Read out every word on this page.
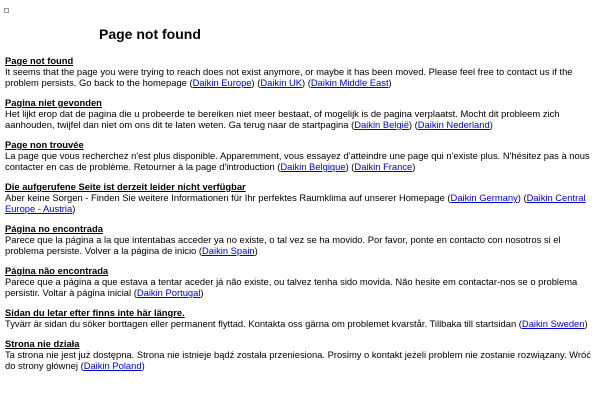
Page not found
Page not found

It seems that the page you were trying to reach does not exist anymore, or maybe it has been moved. Please feel free to contact us if the problem persists. Go back to the homepage (Daikin Europe) (Daikin UK) (Daikin Middle East)

Pagina niet gevonden

Het lijkt erop dat de pagina die u probeerde te bereiken niet meer bestaat, of mogelijk is de pagina verplaatst. Mocht dit probleem zich aanhouden, twijfel dan niet om ons dit te laten weten. Ga terug naar de startpagina (Daikin België) (Daikin Nederland)

Page non trouvée

La page que vous recherchez n'est plus disponible. Apparemment, vous essayez d'atteindre une page qui n'existe plus. N'hésitez pas à nous contacter en cas de problème. Retourner à la page d'introduction (Daikin Belgique) (Daikin France)

Die aufgerufene Seite ist derzeit leider nicht verfügbar

Aber keine Sorgen - Finden Sie weitere Informationen für Ihr perfektes Raumklima auf unserer Homepage (Daikin Germany) (Daikin Central Europe - Austria)

Página no encontrada

Parece que la página a la que intentabas acceder ya no existe, o tal vez se ha movido. Por favor, ponte en contacto con nosotros si el problema persiste. Volver a la página de inicio (Daikin Spain)

Página não encontrada

Parece que a página a que estava a tentar aceder já não existe, ou talvez tenha sido movida. Não hesite em contactar-nos se o problema persistir. Voltar à página inicial (Daikin Portugal)

Sidan du letar efter finns inte här längre.

Tyvärr är sidan du söker borttagen eller permanent flyttad. Kontakta oss gärna om problemet kvarstår. Tillbaka till startsidan (Daikin Sweden)

Strona nie działa

Ta strona nie jest już dostępna. Strona nie istnieje bądź została przeniesiona. Prosimy o kontakt jeżeli problem nie zostanie rozwiązany. Wróć do strony głównej (Daikin Poland)
